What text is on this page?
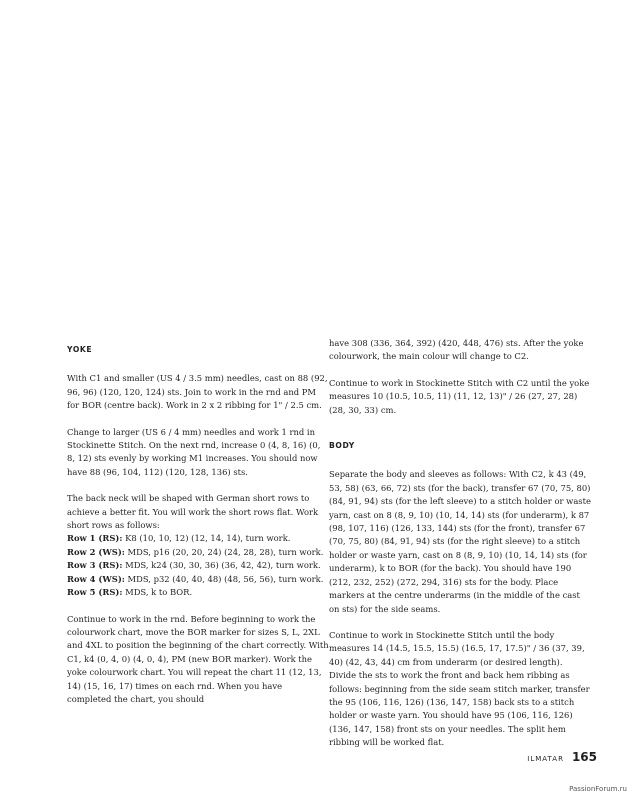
YOKE

With C1 and smaller (US 4 / 3.5 mm) needles, cast on 88 (92, 96, 96) (120, 120, 124) sts. Join to work in the rnd and PM for BOR (centre back). Work in 2 x 2 ribbing for 1" / 2.5 cm.

Change to larger (US 6 / 4 mm) needles and work 1 rnd in Stockinette Stitch. On the next rnd, increase 0 (4, 8, 16) (0, 8, 12) sts evenly by working M1 increases. You should now have 88 (96, 104, 112) (120, 128, 136) sts.

The back neck will be shaped with German short rows to achieve a better fit. You will work the short rows flat. Work short rows as follows:

Row 1 (RS): K8 (10, 10, 12) (12, 14, 14), turn work.
Row 2 (WS): MDS, p16 (20, 20, 24) (24, 28, 28), turn work.
Row 3 (RS): MDS, k24 (30, 30, 36) (36, 42, 42), turn work.
Row 4 (WS): MDS, p32 (40, 40, 48) (48, 56, 56), turn work.
Row 5 (RS): MDS, k to BOR.

Continue to work in the rnd. Before beginning to work the colourwork chart, move the BOR marker for sizes S, L, 2XL and 4XL to position the beginning of the chart correctly. With C1, k4 (0, 4, 0) (4, 0, 4), PM (new BOR marker). Work the yoke colourwork chart. You will repeat the chart 11 (12, 13, 14) (15, 16, 17) times on each rnd. When you have completed the chart, you should

have 308 (336, 364, 392) (420, 448, 476) sts. After the yoke colourwork, the main colour will change to C2.

Continue to work in Stockinette Stitch with C2 until the yoke measures 10 (10.5, 10.5, 11) (11, 12, 13)" / 26 (27, 27, 28) (28, 30, 33) cm.

BODY

Separate the body and sleeves as follows: With C2, k 43 (49, 53, 58) (63, 66, 72) sts (for the back), transfer 67 (70, 75, 80) (84, 91, 94) sts (for the left sleeve) to a stitch holder or waste yarn, cast on 8 (8, 9, 10) (10, 14, 14) sts (for underarm), k 87 (98, 107, 116) (126, 133, 144) sts (for the front), transfer 67 (70, 75, 80) (84, 91, 94) sts (for the right sleeve) to a stitch holder or waste yarn, cast on 8 (8, 9, 10) (10, 14, 14) sts (for underarm), k to BOR (for the back). You should have 190 (212, 232, 252) (272, 294, 316) sts for the body. Place markers at the centre underarms (in the middle of the cast on sts) for the side seams.

Continue to work in Stockinette Stitch until the body measures 14 (14.5, 15.5, 15.5) (16.5, 17, 17.5)" / 36 (37, 39, 40) (42, 43, 44) cm from underarm (or desired length). Divide the sts to work the front and back hem ribbing as follows: beginning from the side seam stitch marker, transfer the 95 (106, 116, 126) (136, 147, 158) back sts to a stitch holder or waste yarn. You should have 95 (106, 116, 126) (136, 147, 158) front sts on your needles. The split hem ribbing will be worked flat.

ILMATAR 165
PassionForum.ru
